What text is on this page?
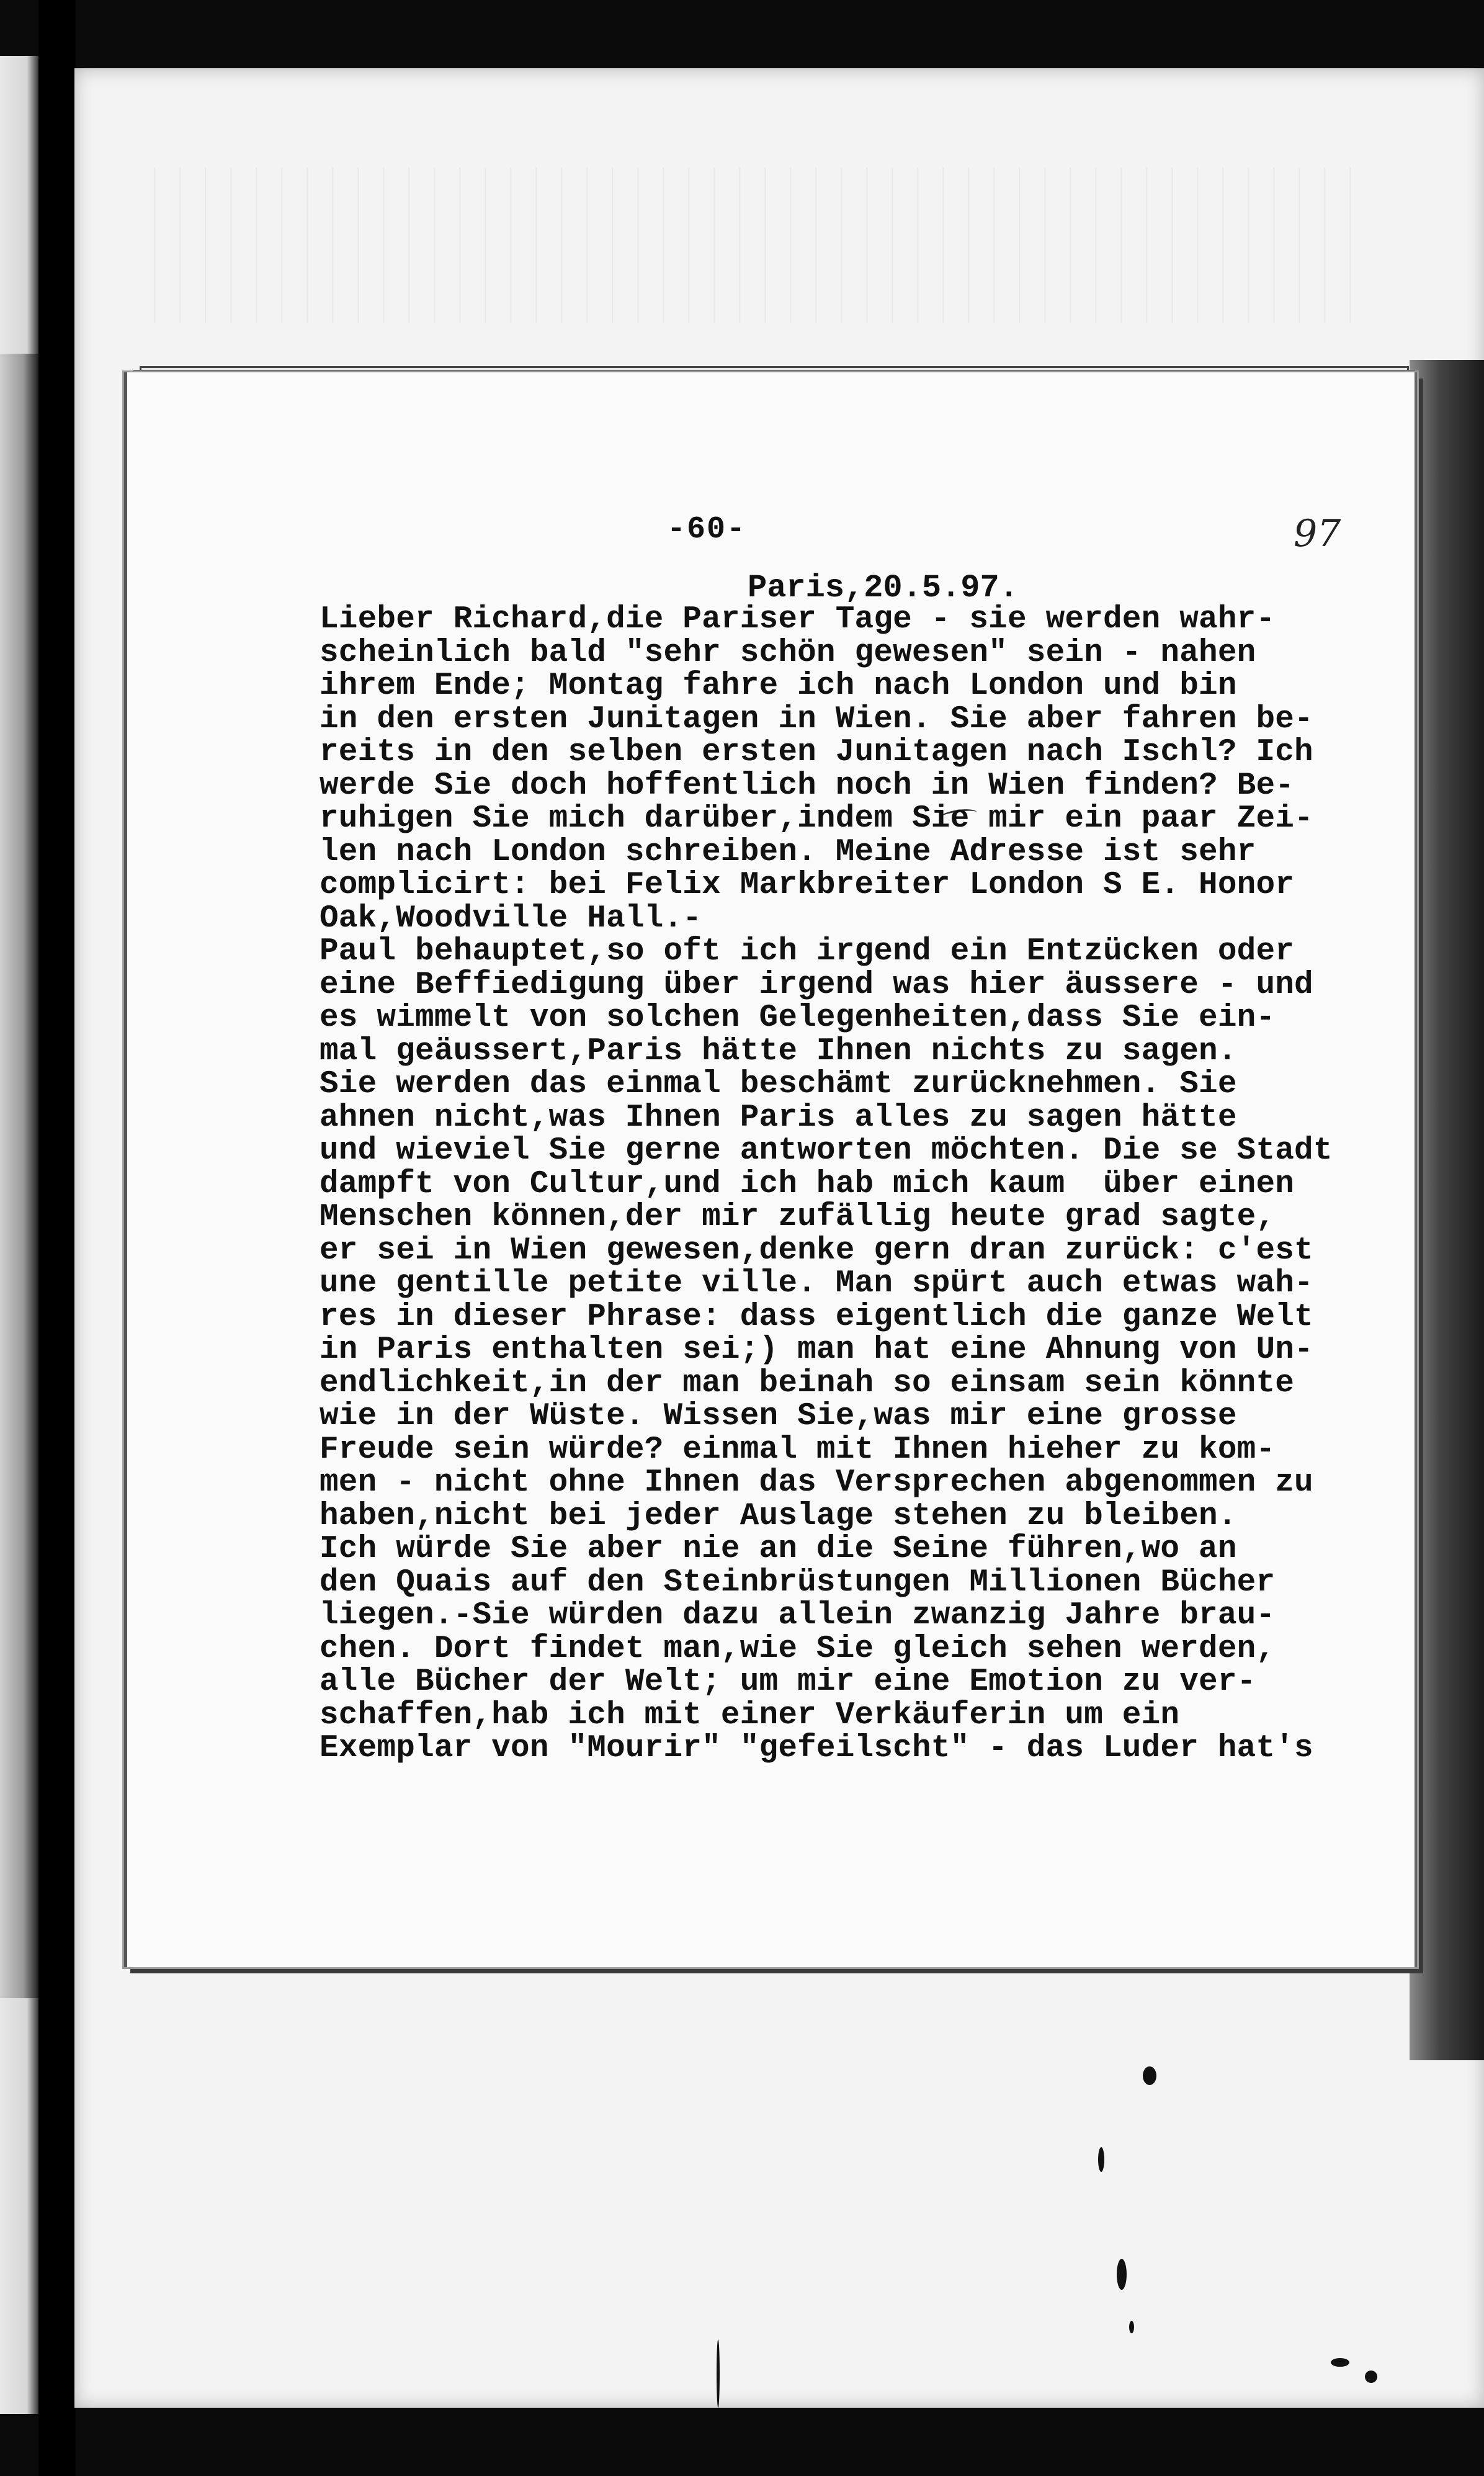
-60-	97
Paris,20.5.97.
Lieber Richard,die Pariser Tage - sie werden wahr-
scheinlich bald "sehr schön gewesen" sein - nahen
ihrem Ende; Montag fahre ich nach London und bin
in den ersten Junitagen in Wien. Sie aber fahren be-
reits in den selben ersten Junitagen nach Ischl? Ich
werde Sie doch hoffentlich noch in Wien finden? Be-
ruhigen Sie mich darüber,indem Sie mir ein paar Zei-
len nach London schreiben. Meine Adresse ist sehr
complicirt: bei Felix Markbreiter London S E. Honor
Oak,Woodville Hall.-
Paul behauptet,so oft ich irgend ein Entzücken oder
eine Beffiedigung über irgend was hier äussere - und
es wimmelt von solchen Gelegenheiten,dass Sie ein-
mal geäussert,Paris hätte Ihnen nichts zu sagen.
Sie werden das einmal beschämt zurücknehmen. Sie
ahnen nicht,was Ihnen Paris alles zu sagen hätte
und wieviel Sie gerne antworten möchten. Die se Stadt
dampft von Cultur,und ich hab mich kaum  über einen
Menschen können,der mir zufällig heute grad sagte,
er sei in Wien gewesen,denke gern dran zurück: c'est
une gentille petite ville. Man spürt auch etwas wah-
res in dieser Phrase: dass eigentlich die ganze Welt
in Paris enthalten sei;) man hat eine Ahnung von Un-
endlichkeit,in der man beinah so einsam sein könnte
wie in der Wüste. Wissen Sie,was mir eine grosse
Freude sein würde? einmal mit Ihnen hieher zu kom-
men - nicht ohne Ihnen das Versprechen abgenommen zu
haben,nicht bei jeder Auslage stehen zu bleiben.
Ich würde Sie aber nie an die Seine führen,wo an
den Quais auf den Steinbrüstungen Millionen Bücher
liegen.-Sie würden dazu allein zwanzig Jahre brau-
chen. Dort findet man,wie Sie gleich sehen werden,
alle Bücher der Welt; um mir eine Emotion zu ver-
schaffen,hab ich mit einer Verkäuferin um ein
Exemplar von "Mourir" "gefeilscht" - das Luder hat's
